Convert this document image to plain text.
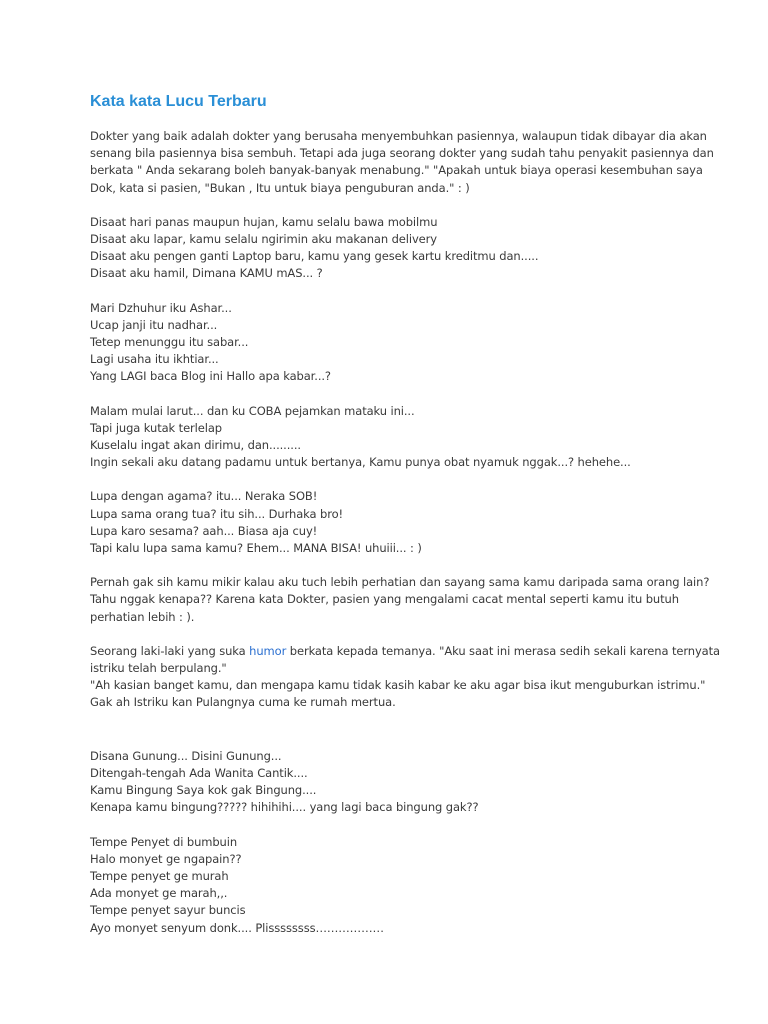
Kata kata Lucu Terbaru
Dokter yang baik adalah dokter yang berusaha menyembuhkan pasiennya, walaupun tidak dibayar dia akan
senang bila pasiennya bisa sembuh. Tetapi ada juga seorang dokter yang sudah tahu penyakit pasiennya dan
berkata " Anda sekarang boleh banyak-banyak menabung." "Apakah untuk biaya operasi kesembuhan saya
Dok, kata si pasien, "Bukan , Itu untuk biaya penguburan anda." : )
Disaat hari panas maupun hujan, kamu selalu bawa mobilmu
Disaat aku lapar, kamu selalu ngirimin aku makanan delivery
Disaat aku pengen ganti Laptop baru, kamu yang gesek kartu kreditmu dan.....
Disaat aku hamil, Dimana KAMU mAS... ?
Mari Dzhuhur iku Ashar...
Ucap janji itu nadhar...
Tetep menunggu itu sabar...
Lagi usaha itu ikhtiar...
Yang LAGI baca Blog ini Hallo apa kabar...?
Malam mulai larut... dan ku COBA pejamkan mataku ini...
Tapi juga kutak terlelap
Kuselalu ingat akan dirimu, dan.........
Ingin sekali aku datang padamu untuk bertanya, Kamu punya obat nyamuk nggak...? hehehe...
Lupa dengan agama? itu... Neraka SOB!
Lupa sama orang tua? itu sih... Durhaka bro!
Lupa karo sesama? aah... Biasa aja cuy!
Tapi kalu lupa sama kamu? Ehem... MANA BISA! uhuiii... : )
Pernah gak sih kamu mikir kalau aku tuch lebih perhatian dan sayang sama kamu daripada sama orang lain?
Tahu nggak kenapa?? Karena kata Dokter, pasien yang mengalami cacat mental seperti kamu itu butuh
perhatian lebih : ).
Seorang laki-laki yang suka humor berkata kepada temanya. "Aku saat ini merasa sedih sekali karena ternyata
istriku telah berpulang."
"Ah kasian banget kamu, dan mengapa kamu tidak kasih kabar ke aku agar bisa ikut menguburkan istrimu."
Gak ah Istriku kan Pulangnya cuma ke rumah mertua.
Disana Gunung... Disini Gunung...
Ditengah-tengah Ada Wanita Cantik....
Kamu Bingung Saya kok gak Bingung....
Kenapa kamu bingung????? hihihihi.... yang lagi baca bingung gak??
Tempe Penyet di bumbuin
Halo monyet ge ngapain??
Tempe penyet ge murah
Ada monyet ge marah,,.
Tempe penyet sayur buncis
Ayo monyet senyum donk.... Plissssssss………………
